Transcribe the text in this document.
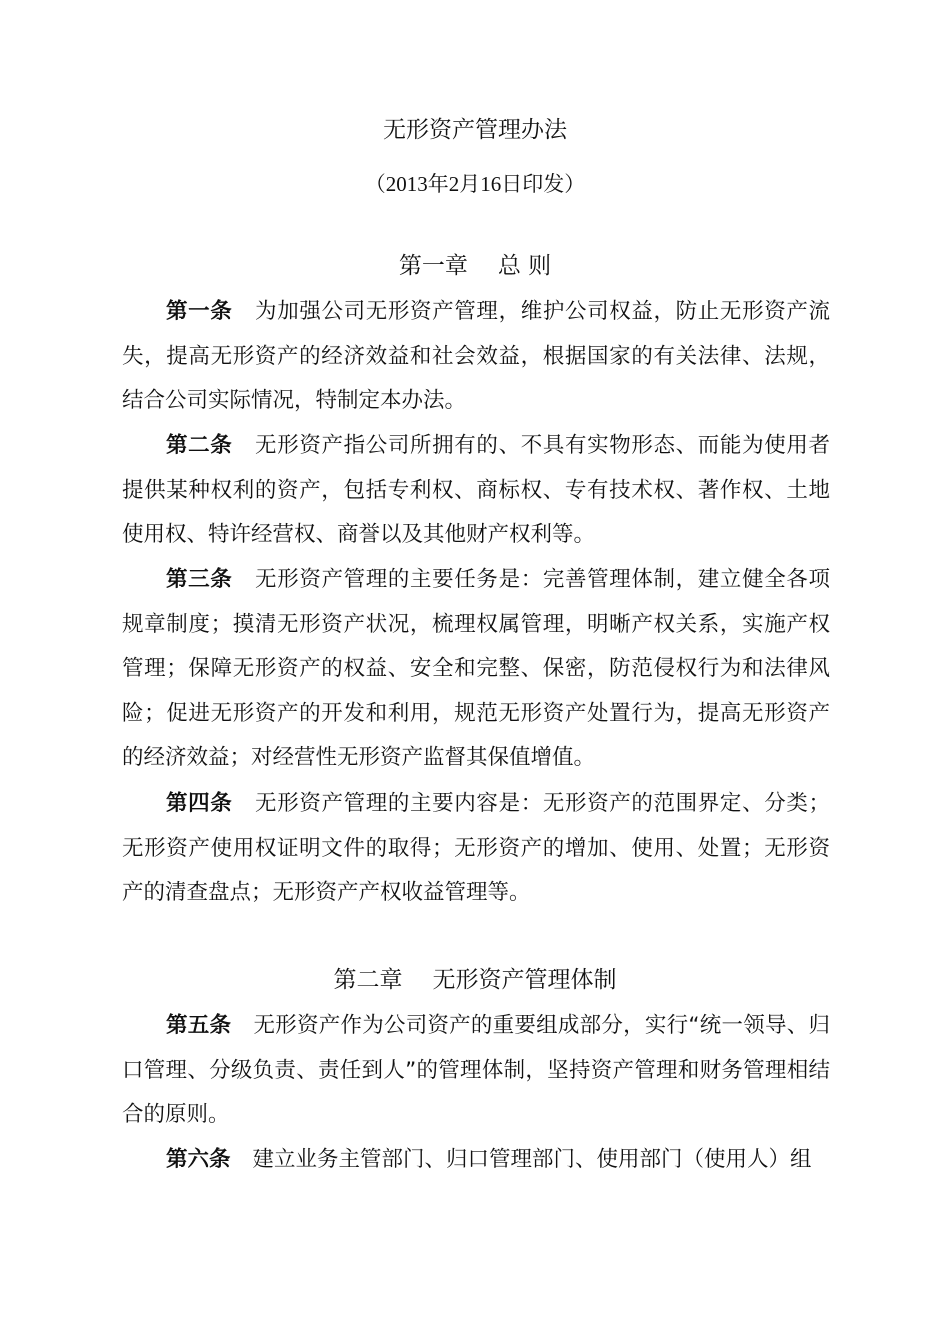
无形资产管理办法
（2013年2月16日印发）
第一章 总 则

第一条 为加强公司无形资产管理，维护公司权益，防止无形资产流失，提高无形资产的经济效益和社会效益，根据国家的有关法律、法规，结合公司实际情况，特制定本办法。

第二条 无形资产指公司所拥有的、不具有实物形态、而能为使用者提供某种权利的资产，包括专利权、商标权、专有技术权、著作权、土地使用权、特许经营权、商誉以及其他财产权利等。

第三条 无形资产管理的主要任务是：完善管理体制，建立健全各项规章制度；摸清无形资产状况，梳理权属管理，明晰产权关系，实施产权管理；保障无形资产的权益、安全和完整、保密，防范侵权行为和法律风险；促进无形资产的开发和利用，规范无形资产处置行为，提高无形资产的经济效益；对经营性无形资产监督其保值增值。

第四条 无形资产管理的主要内容是：无形资产的范围界定、分类；无形资产使用权证明文件的取得；无形资产的增加、使用、处置；无形资产的清查盘点；无形资产产权收益管理等。

第二章 无形资产管理体制

第五条 无形资产作为公司资产的重要组成部分，实行“统一领导、归口管理、分级负责、责任到人”的管理体制，坚持资产管理和财务管理相结合的原则。

第六条 建立业务主管部门、归口管理部门、使用部门（使用人）组
